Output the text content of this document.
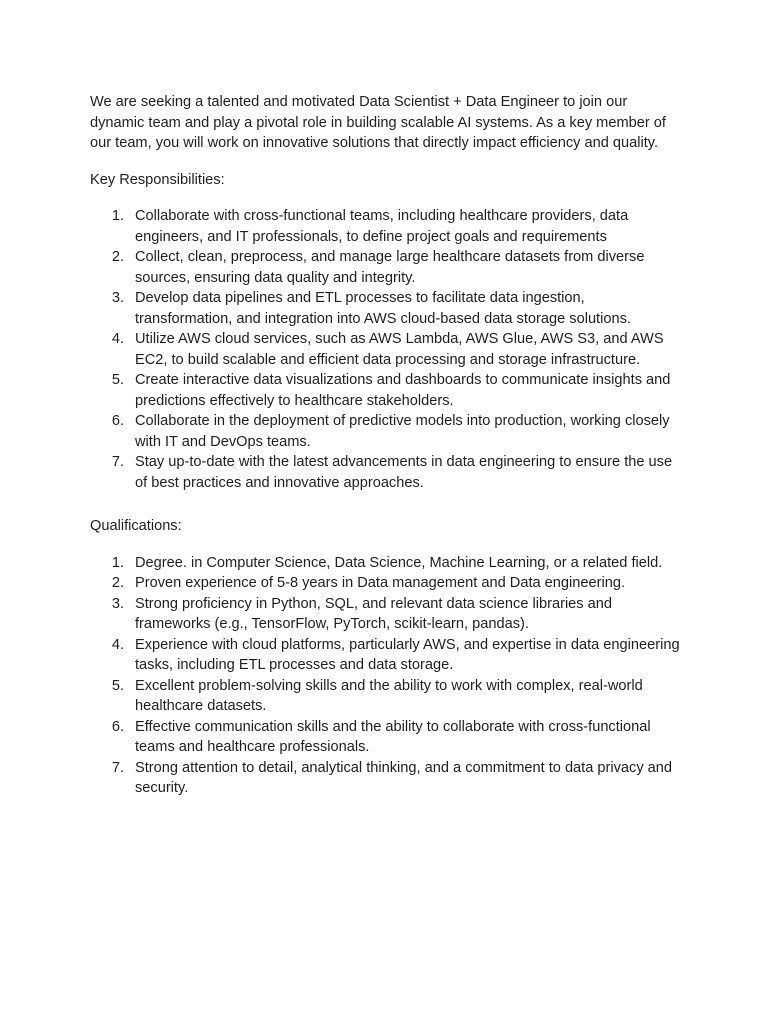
We are seeking a talented and motivated Data Scientist + Data Engineer to join our dynamic team and play a pivotal role in building scalable AI systems. As a key member of our team, you will work on innovative solutions that directly impact efficiency and quality.

Key Responsibilities:

1. Collaborate with cross-functional teams, including healthcare providers, data engineers, and IT professionals, to define project goals and requirements
2. Collect, clean, preprocess, and manage large healthcare datasets from diverse sources, ensuring data quality and integrity.
3. Develop data pipelines and ETL processes to facilitate data ingestion, transformation, and integration into AWS cloud-based data storage solutions.
4. Utilize AWS cloud services, such as AWS Lambda, AWS Glue, AWS S3, and AWS EC2, to build scalable and efficient data processing and storage infrastructure.
5. Create interactive data visualizations and dashboards to communicate insights and predictions effectively to healthcare stakeholders.
6. Collaborate in the deployment of predictive models into production, working closely with IT and DevOps teams.
7. Stay up-to-date with the latest advancements in data engineering to ensure the use of best practices and innovative approaches.

Qualifications:

1. Degree. in Computer Science, Data Science, Machine Learning, or a related field.
2. Proven experience of 5-8 years in Data management and Data engineering.
3. Strong proficiency in Python, SQL, and relevant data science libraries and frameworks (e.g., TensorFlow, PyTorch, scikit-learn, pandas).
4. Experience with cloud platforms, particularly AWS, and expertise in data engineering tasks, including ETL processes and data storage.
5. Excellent problem-solving skills and the ability to work with complex, real-world healthcare datasets.
6. Effective communication skills and the ability to collaborate with cross-functional teams and healthcare professionals.
7. Strong attention to detail, analytical thinking, and a commitment to data privacy and security.
